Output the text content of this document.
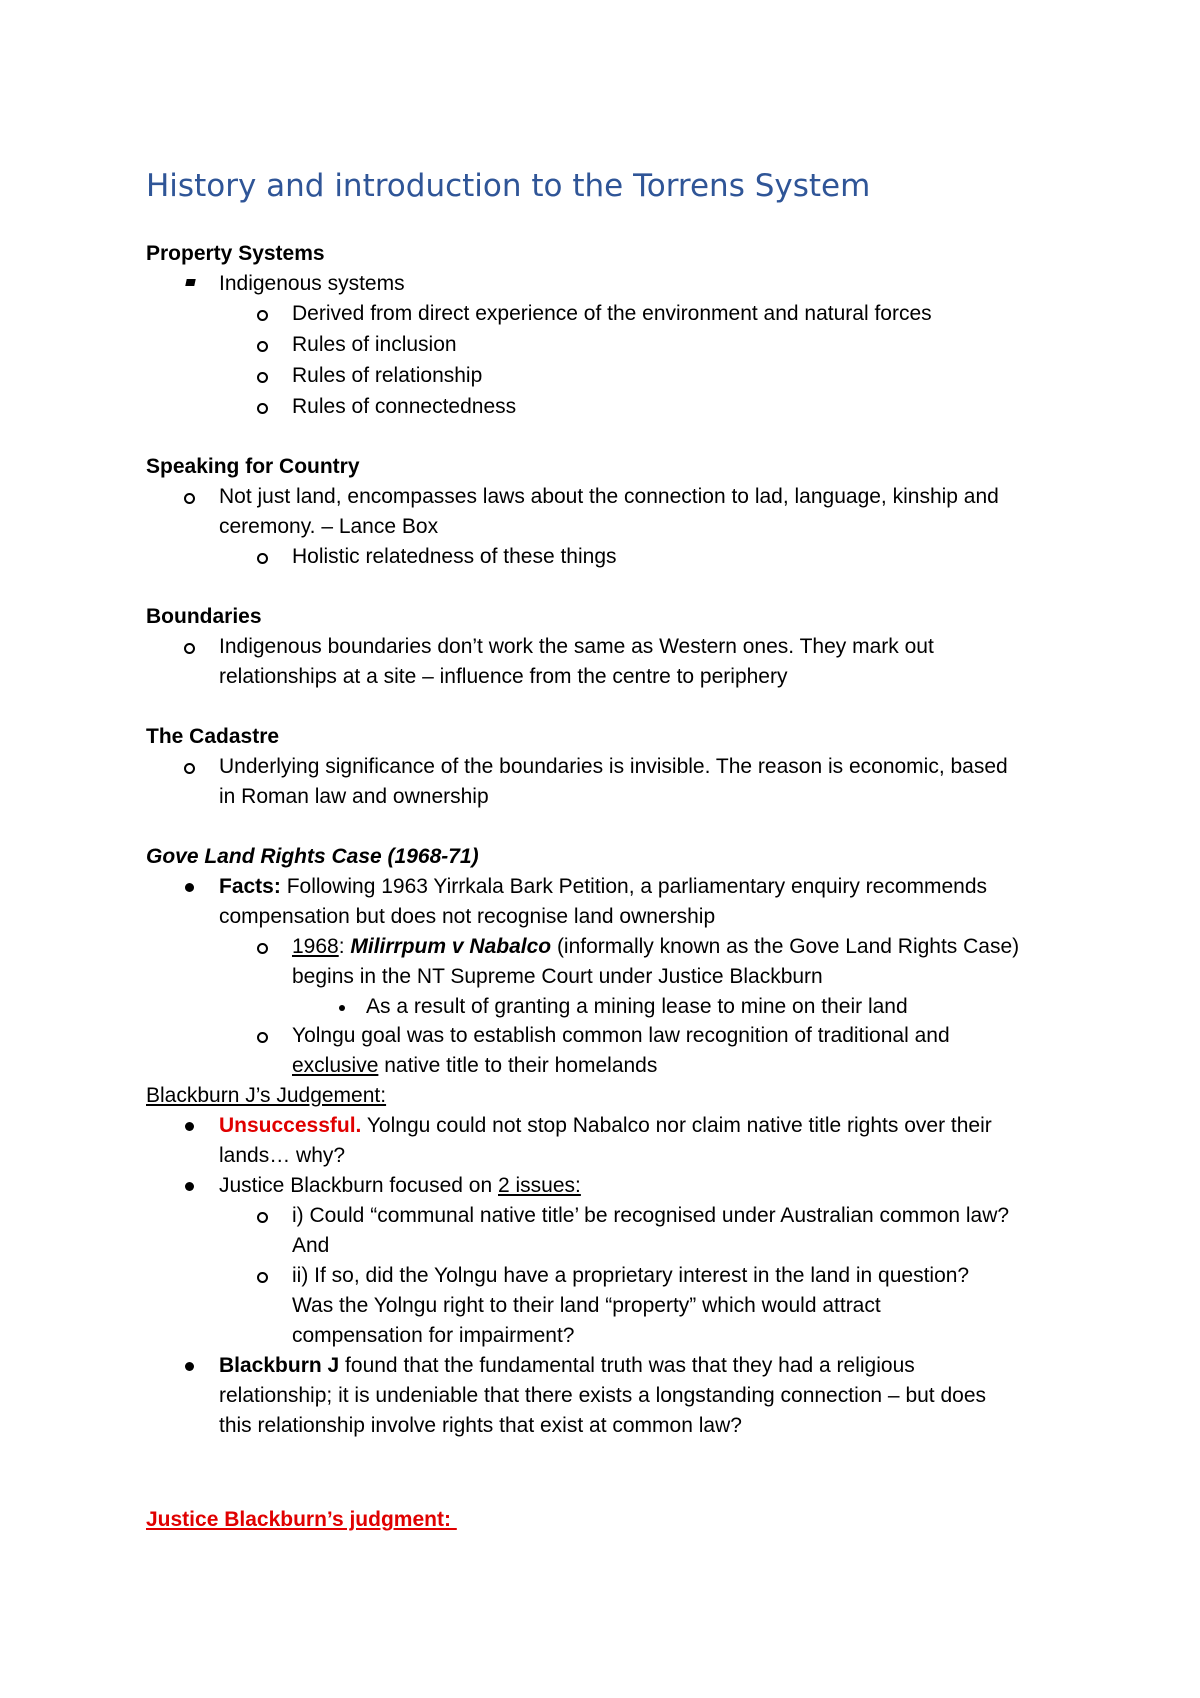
History and introduction to the Torrens System
Property Systems
Indigenous systems
Derived from direct experience of the environment and natural forces
Rules of inclusion
Rules of relationship
Rules of connectedness
Speaking for Country
Not just land, encompasses laws about the connection to lad, language, kinship and
ceremony. – Lance Box
Holistic relatedness of these things
Boundaries
Indigenous boundaries don’t work the same as Western ones. They mark out
relationships at a site – influence from the centre to periphery
The Cadastre
Underlying significance of the boundaries is invisible. The reason is economic, based
in Roman law and ownership
Gove Land Rights Case (1968-71)
Facts: Following 1963 Yirrkala Bark Petition, a parliamentary enquiry recommends
compensation but does not recognise land ownership
1968: Milirrpum v Nabalco (informally known as the Gove Land Rights Case)
begins in the NT Supreme Court under Justice Blackburn
As a result of granting a mining lease to mine on their land
Yolngu goal was to establish common law recognition of traditional and
exclusive native title to their homelands
Blackburn J’s Judgement:
Unsuccessful. Yolngu could not stop Nabalco nor claim native title rights over their
lands… why?
Justice Blackburn focused on 2 issues:
i) Could “communal native title’ be recognised under Australian common law?
And
ii) If so, did the Yolngu have a proprietary interest in the land in question?
Was the Yolngu right to their land “property” which would attract
compensation for impairment?
Blackburn J found that the fundamental truth was that they had a religious
relationship; it is undeniable that there exists a longstanding connection – but does
this relationship involve rights that exist at common law?
Justice Blackburn’s judgment:
